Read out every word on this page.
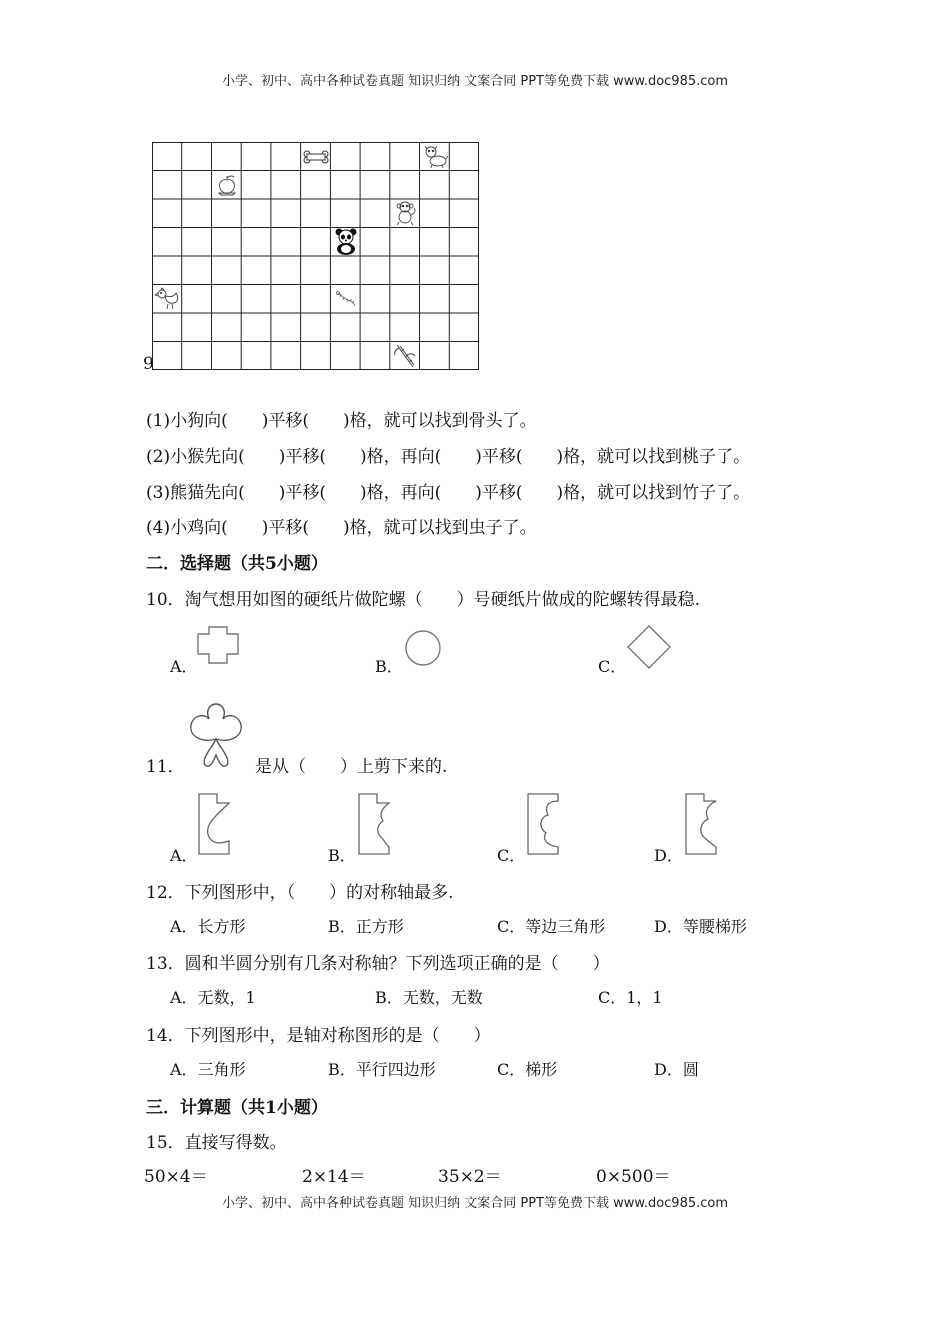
小学、初中、高中各种试卷真题 知识归纳 文案合同 PPT等免费下载 www.doc985.com
9
(1)小狗向(　　)平移(　　)格，就可以找到骨头了。
(2)小猴先向(　　)平移(　　)格，再向(　　)平移(　　)格，就可以找到桃子了。
(3)熊猫先向(　　)平移(　　)格，再向(　　)平移(　　)格，就可以找到竹子了。
(4)小鸡向(　　)平移(　　)格，就可以找到虫子了。
二．选择题（共5小题）
10．淘气想用如图的硬纸片做陀螺（　　）号硬纸片做成的陀螺转得最稳.
A．	B．	C．
11．	是从（　　）上剪下来的.
A．	B．	C．	D．
12．下列图形中，（　　）的对称轴最多.
A．长方形	B．正方形	C．等边三角形	D．等腰梯形
13．圆和半圆分别有几条对称轴？下列选项正确的是（　　）
A．无数，1	B．无数，无数	C．1，1
14．下列图形中，是轴对称图形的是（　　）
A．三角形	B．平行四边形	C．梯形	D．圆
三．计算题（共1小题）
15．直接写得数。
50×4＝	2×14＝	35×2＝	0×500＝
小学、初中、高中各种试卷真题 知识归纳 文案合同 PPT等免费下载 www.doc985.com
